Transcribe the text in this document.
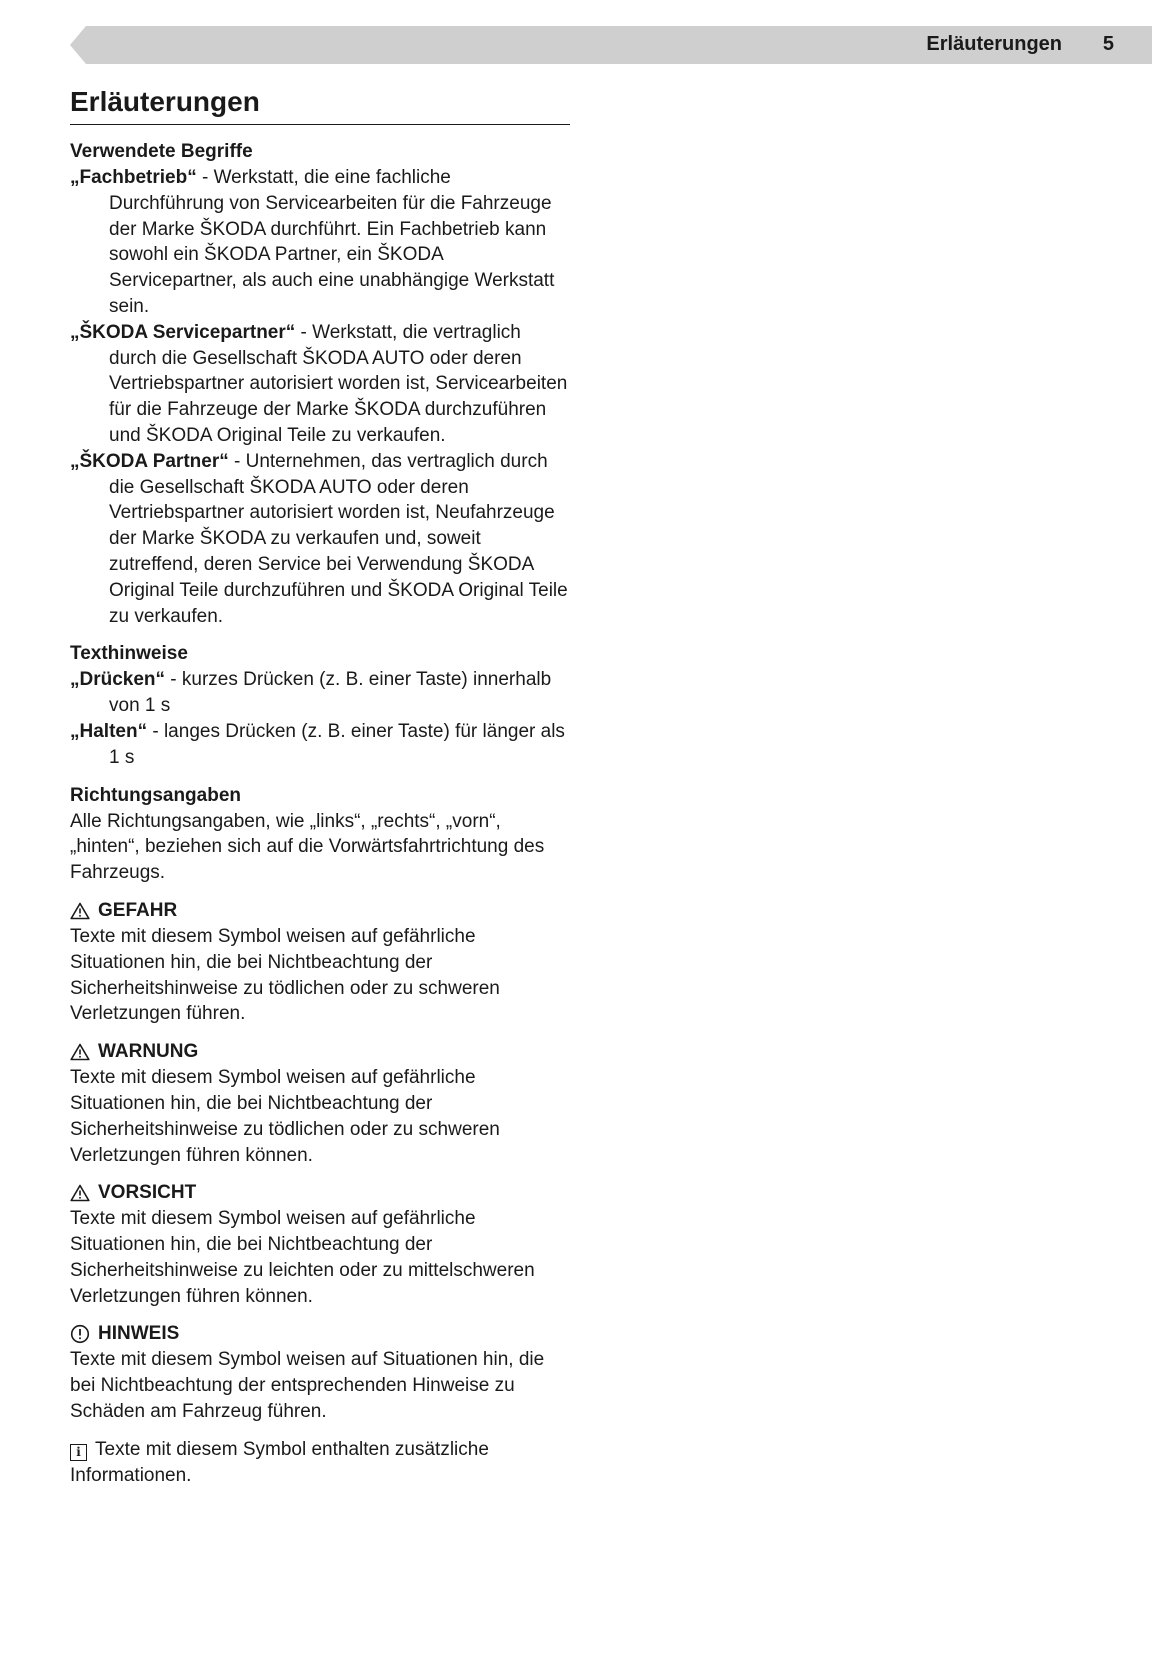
Erläuterungen 5
Erläuterungen

Verwendete Begriffe

„Fachbetrieb“ - Werkstatt, die eine fachliche Durchführung von Servicearbeiten für die Fahrzeuge der Marke ŠKODA durchführt. Ein Fachbetrieb kann sowohl ein ŠKODA Partner, ein ŠKODA Servicepartner, als auch eine unabhängige Werkstatt sein.

„ŠKODA Servicepartner“ - Werkstatt, die vertraglich durch die Gesellschaft ŠKODA AUTO oder deren Vertriebspartner autorisiert worden ist, Servicearbeiten für die Fahrzeuge der Marke ŠKODA durchzuführen und ŠKODA Original Teile zu verkaufen.

„ŠKODA Partner“ - Unternehmen, das vertraglich durch die Gesellschaft ŠKODA AUTO oder deren Vertriebspartner autorisiert worden ist, Neufahrzeuge der Marke ŠKODA zu verkaufen und, soweit zutreffend, deren Service bei Verwendung ŠKODA Original Teile durchzuführen und ŠKODA Original Teile zu verkaufen.

Texthinweise

„Drücken“ - kurzes Drücken (z. B. einer Taste) innerhalb von 1 s

„Halten“ - langes Drücken (z. B. einer Taste) für länger als 1 s

Richtungsangaben

Alle Richtungsangaben, wie „links“, „rechts“, „vorn“, „hinten“, beziehen sich auf die Vorwärtsfahrtrichtung des Fahrzeugs.

GEFAHR

Texte mit diesem Symbol weisen auf gefährliche Situationen hin, die bei Nichtbeachtung der Sicherheitshinweise zu tödlichen oder zu schweren Verletzungen führen.

WARNUNG

Texte mit diesem Symbol weisen auf gefährliche Situationen hin, die bei Nichtbeachtung der Sicherheitshinweise zu tödlichen oder zu schweren Verletzungen führen können.

VORSICHT

Texte mit diesem Symbol weisen auf gefährliche Situationen hin, die bei Nichtbeachtung der Sicherheitshinweise zu leichten oder zu mittelschweren Verletzungen führen können.

HINWEIS

Texte mit diesem Symbol weisen auf Situationen hin, die bei Nichtbeachtung der entsprechenden Hinweise zu Schäden am Fahrzeug führen.

i Texte mit diesem Symbol enthalten zusätzliche Informationen.
